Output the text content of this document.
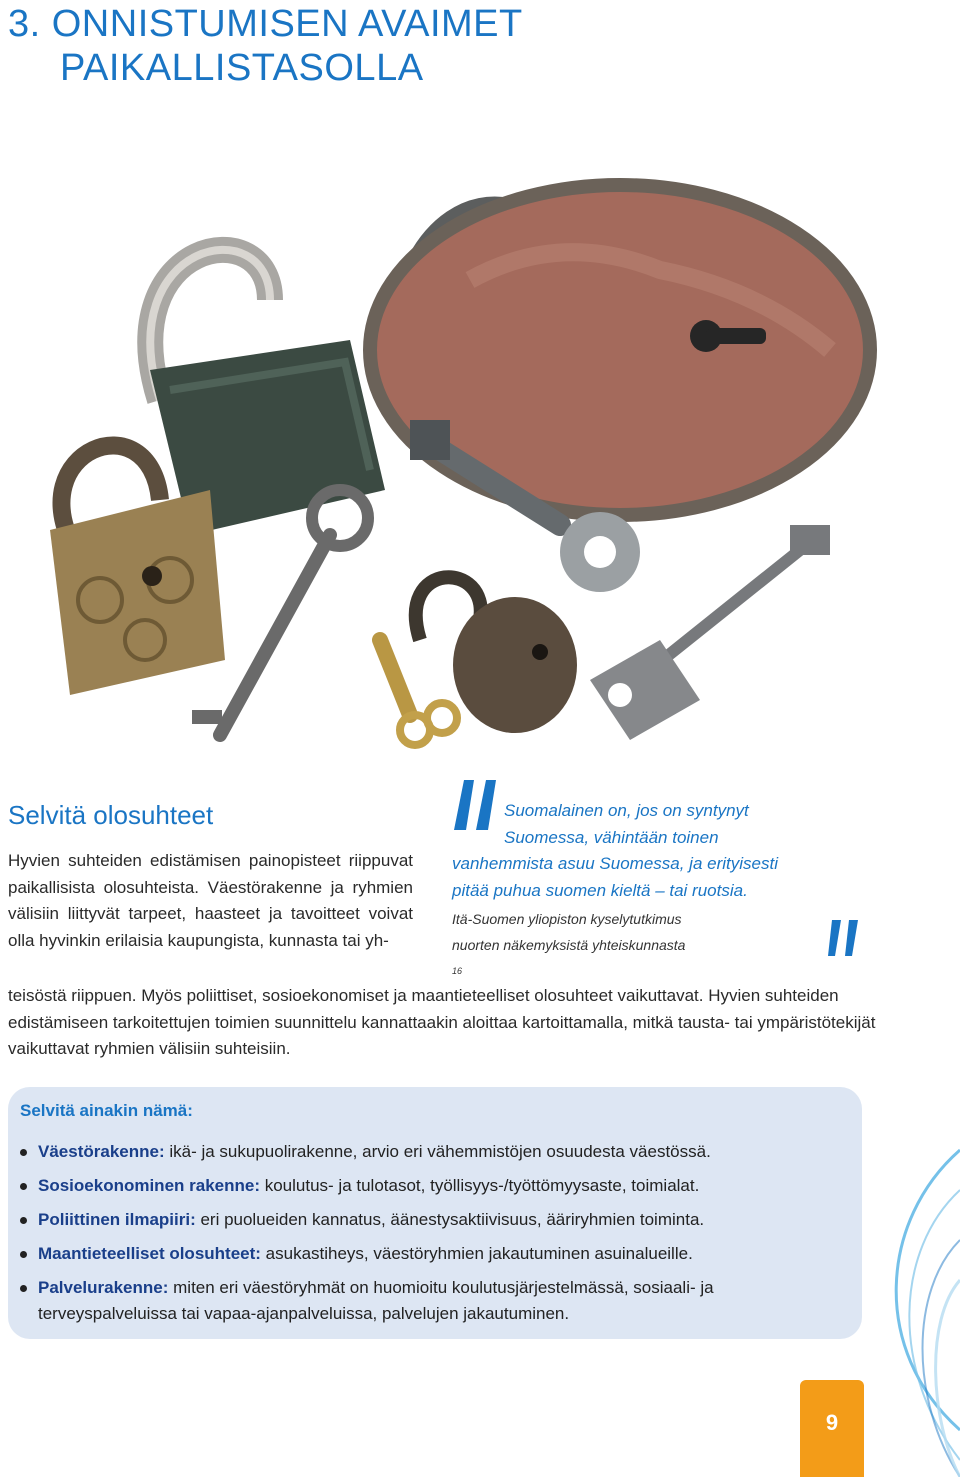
3. ONNISTUMISEN AVAIMET
PAIKALLISTASOLLA
Selvitä olosuhteet	Suomalainen on, jos on syntynyt
Suomessa, vähintään toinen
vanhemmista asuu Suomessa, ja erityisesti
pitää puhua suomen kieltä – tai ruotsia.
Itä-Suomen yliopiston kyselytutkimus
nuorten näkemyksistä yhteiskunnasta
$^{16}$

Hyvien suhteiden edistämisen painopisteet riippuvat paikallisista olosuhteista. Väestörakenne ja ryhmien välisiin liittyvät tarpeet, haasteet ja tavoitteet voivat olla hyvinkin erilaisia kaupungista, kunnasta tai yh-

teisöstä riippuen. Myös poliittiset, sosioekonomiset ja maantieteelliset olosuhteet vaikuttavat. Hyvien suhteiden edistämiseen tarkoitettujen toimien suunnittelu kannattaakin aloittaa kartoittamalla, mitkä tausta- tai ympäristötekijät vaikuttavat ryhmien välisiin suhteisiin.

Selvitä ainakin nämä:
Väestörakenne: ikä- ja sukupuolirakenne, arvio eri vähemmistöjen osuudesta väestössä.
Sosioekonominen rakenne: koulutus- ja tulotasot, työllisyys-/työttömyysaste, toimialat.
Poliittinen ilmapiiri: eri puolueiden kannatus, äänestysaktiivisuus, ääriryhmien toiminta.
Maantieteelliset olosuhteet: asukastiheys, väestöryhmien jakautuminen asuinalueille.
Palvelurakenne: miten eri väestöryhmät on huomioitu koulutusjärjestelmässä, sosiaali- ja terveyspalveluissa tai vapaa-ajanpalveluissa, palvelujen jakautuminen.
9
